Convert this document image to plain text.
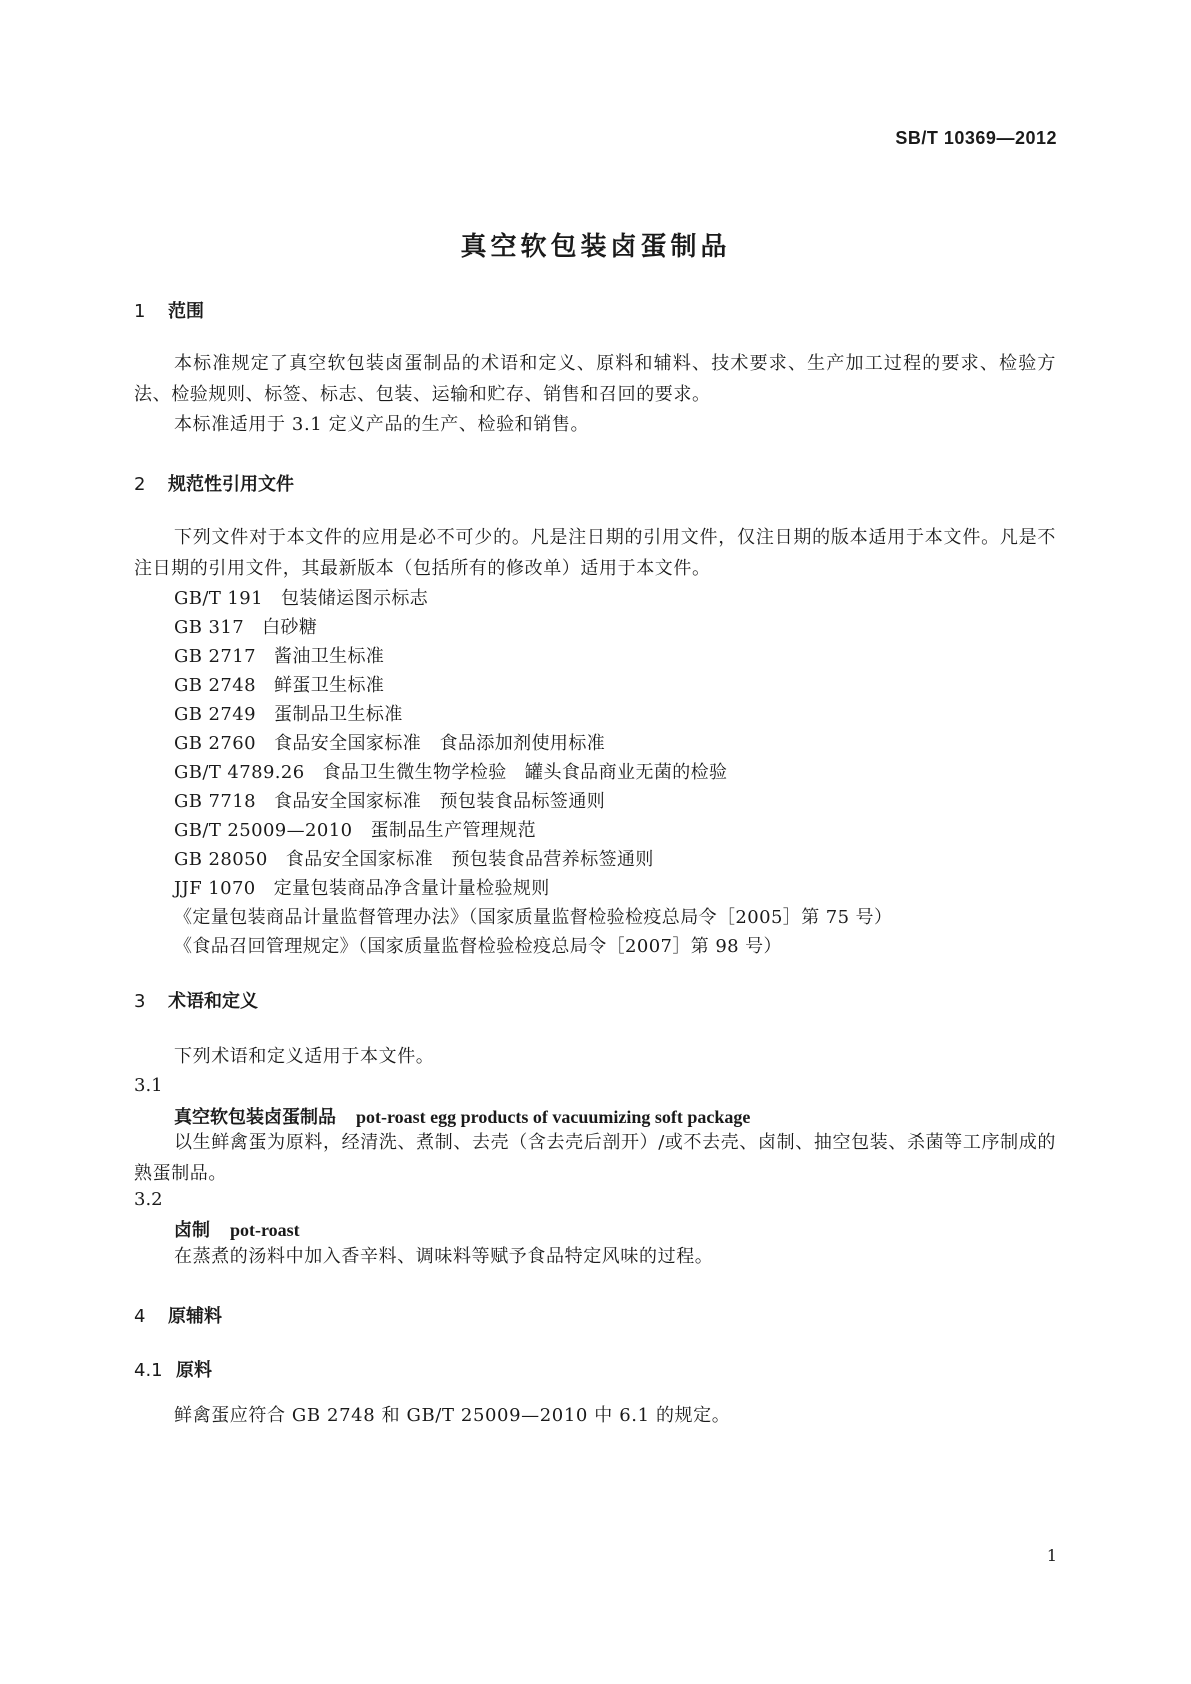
SB/T 10369—2012
真空软包装卤蛋制品
1 范围
本标准规定了真空软包装卤蛋制品的术语和定义、原料和辅料、技术要求、生产加工过程的要求、检验方法、检验规则、标签、标志、包装、运输和贮存、销售和召回的要求。
本标准适用于 3.1 定义产品的生产、检验和销售。
2 规范性引用文件
下列文件对于本文件的应用是必不可少的。凡是注日期的引用文件，仅注日期的版本适用于本文件。凡是不注日期的引用文件，其最新版本（包括所有的修改单）适用于本文件。
GB/T 191 包装储运图示标志
GB 317 白砂糖
GB 2717 酱油卫生标准
GB 2748 鲜蛋卫生标准
GB 2749 蛋制品卫生标准
GB 2760 食品安全国家标准　食品添加剂使用标准
GB/T 4789.26 食品卫生微生物学检验　罐头食品商业无菌的检验
GB 7718 食品安全国家标准　预包装食品标签通则
GB/T 25009—2010 蛋制品生产管理规范
GB 28050 食品安全国家标准　预包装食品营养标签通则
JJF 1070 定量包装商品净含量计量检验规则
《定量包装商品计量监督管理办法》（国家质量监督检验检疫总局令［2005］第 75 号）
《食品召回管理规定》（国家质量监督检验检疫总局令［2007］第 98 号）
3 术语和定义
下列术语和定义适用于本文件。
3.1
真空软包装卤蛋制品 pot-roast egg products of vacuumizing soft package
以生鲜禽蛋为原料，经清洗、煮制、去壳（含去壳后剖开）/或不去壳、卤制、抽空包装、杀菌等工序制成的熟蛋制品。
3.2
卤制 pot-roast
在蒸煮的汤料中加入香辛料、调味料等赋予食品特定风味的过程。
4 原辅料
4.1 原料
鲜禽蛋应符合 GB 2748 和 GB/T 25009—2010 中 6.1 的规定。
1
